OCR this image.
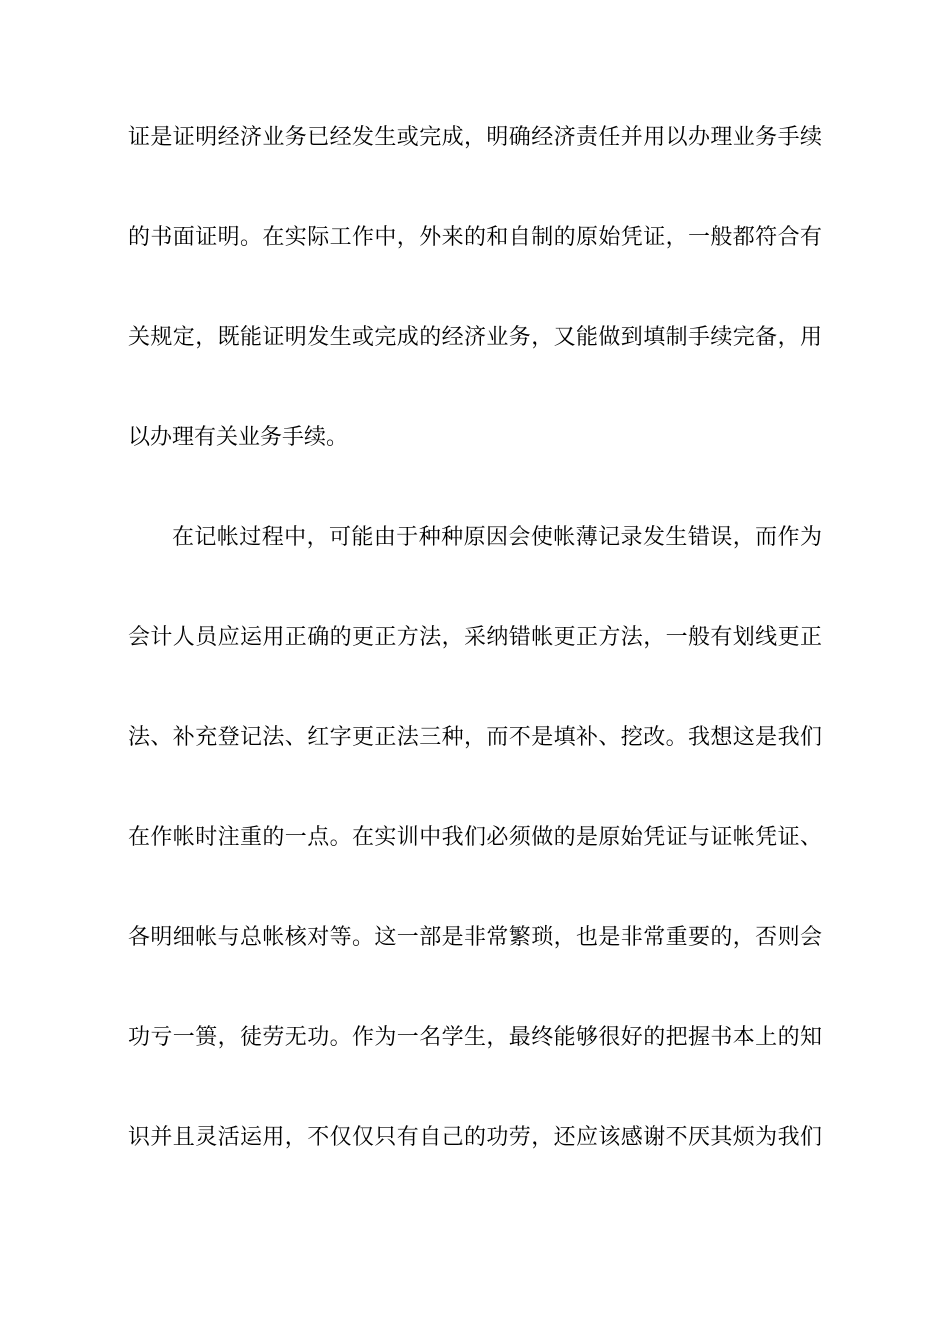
证是证明经济业务已经发生或完成，明确经济责任并用以办理业务手续
的书面证明。在实际工作中，外来的和自制的原始凭证，一般都符合有
关规定，既能证明发生或完成的经济业务，又能做到填制手续完备，用
以办理有关业务手续。
在记帐过程中，可能由于种种原因会使帐薄记录发生错误，而作为
会计人员应运用正确的更正方法，采纳错帐更正方法，一般有划线更正
法、补充登记法、红字更正法三种，而不是填补、挖改。我想这是我们
在作帐时注重的一点。在实训中我们必须做的是原始凭证与证帐凭证、
各明细帐与总帐核对等。这一部是非常繁琐，也是非常重要的，否则会
功亏一篑，徒劳无功。作为一名学生，最终能够很好的把握书本上的知
识并且灵活运用，不仅仅只有自己的功劳，还应该感谢不厌其烦为我们
